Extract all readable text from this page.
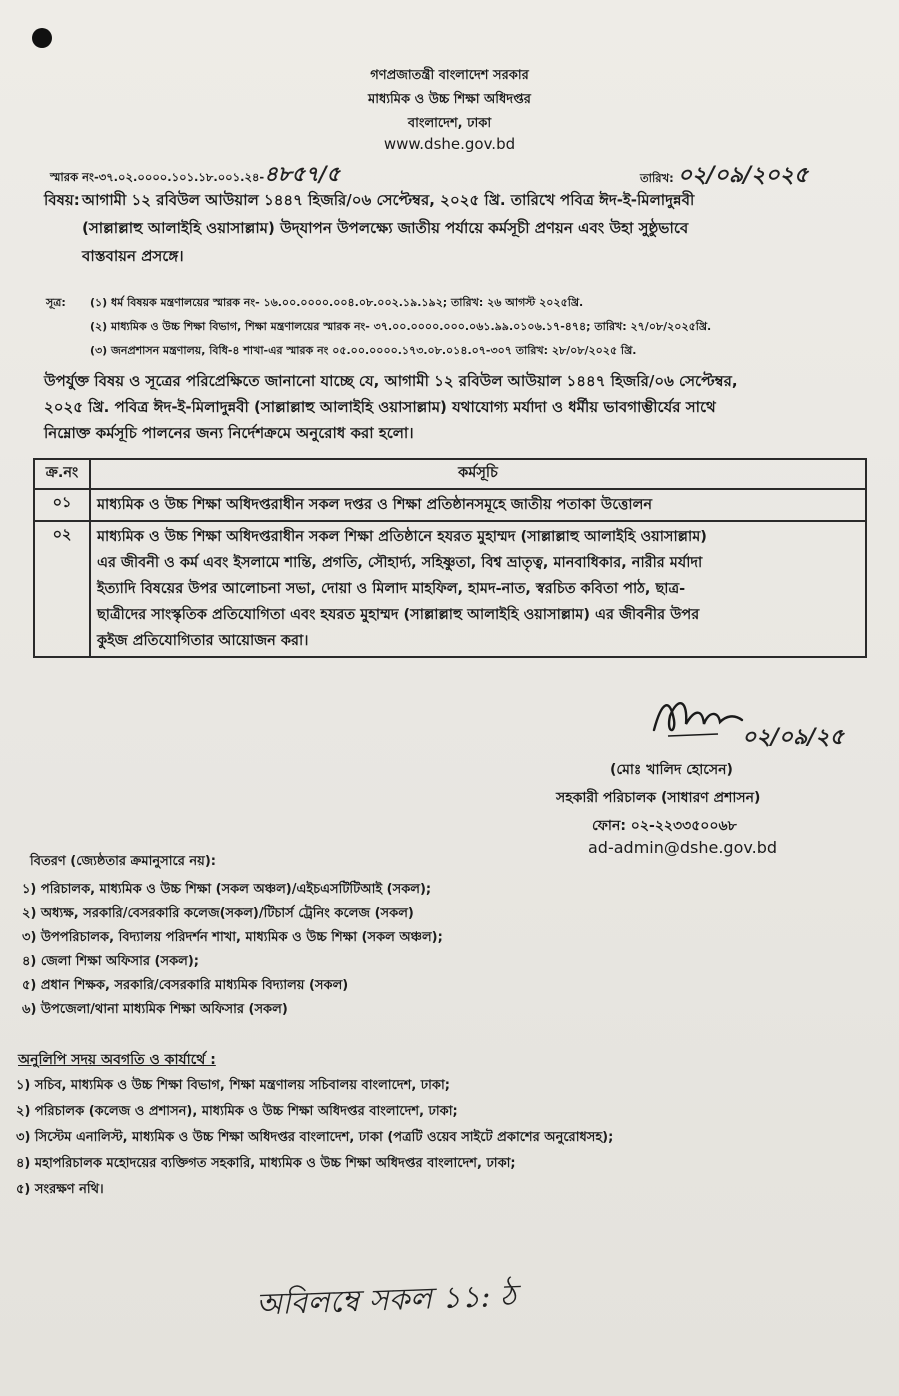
গণপ্রজাতন্ত্রী বাংলাদেশ সরকার
মাধ্যমিক ও উচ্চ শিক্ষা অধিদপ্তর
বাংলাদেশ, ঢাকা
www.dshe.gov.bd
স্মারক নং-৩৭.০২.০০০০.১০১.১৮.০০১.২৪-৪৮৫৭/৫	তারিখ: ০২/০৯/২০২৫
বিষয়: আগামী ১২ রবিউল আউয়াল ১৪৪৭ হিজরি/০৬ সেপ্টেম্বর, ২০২৫ খ্রি. তারিখে পবিত্র ঈদ-ই-মিলাদুন্নবী
(সাল্লাল্লাহু আলাইহি ওয়াসাল্লাম) উদ্‌যাপন উপলক্ষ্যে জাতীয় পর্যায়ে কর্মসূচী প্রণয়ন এবং উহা সুষ্ঠুভাবে
বাস্তবায়ন প্রসঙ্গে।
সূত্র: (১) ধর্ম বিষয়ক মন্ত্রণালয়ের স্মারক নং- ১৬.০০.০০০০.০০৪.০৮.০০২.১৯.১৯২; তারিখ: ২৬ আগস্ট ২০২৫খ্রি.
(২) মাধ্যমিক ও উচ্চ শিক্ষা বিভাগ, শিক্ষা মন্ত্রণালয়ের স্মারক নং- ৩৭.০০.০০০০.০০০.০৬১.৯৯.০১০৬.১৭-৪৭৪; তারিখ: ২৭/০৮/২০২৫খ্রি.
(৩) জনপ্রশাসন মন্ত্রণালয়, বিধি-৪ শাখা-এর স্মারক নং ০৫.০০.০০০০.১৭৩.০৮.০১৪.০৭-৩০৭ তারিখ: ২৮/০৮/২০২৫ খ্রি.
উপর্যুক্ত বিষয় ও সূত্রের পরিপ্রেক্ষিতে জানানো যাচ্ছে যে, আগামী ১২ রবিউল আউয়াল ১৪৪৭ হিজরি/০৬ সেপ্টেম্বর,
২০২৫ খ্রি. পবিত্র ঈদ-ই-মিলাদুন্নবী (সাল্লাল্লাহু আলাইহি ওয়াসাল্লাম) যথাযোগ্য মর্যাদা ও ধর্মীয় ভাবগাম্ভীর্যের সাথে
নিম্নোক্ত কর্মসূচি পালনের জন্য নির্দেশক্রমে অনুরোধ করা হলো।
ক্র.নং	কর্মসূচি
০১	মাধ্যমিক ও উচ্চ শিক্ষা অধিদপ্তরাধীন সকল দপ্তর ও শিক্ষা প্রতিষ্ঠানসমূহে জাতীয় পতাকা উত্তোলন

০২	মাধ্যমিক ও উচ্চ শিক্ষা অধিদপ্তরাধীন সকল শিক্ষা প্রতিষ্ঠানে হযরত মুহাম্মদ (সাল্লাল্লাহু আলাইহি ওয়াসাল্লাম)
এর জীবনী ও কর্ম এবং ইসলামে শান্তি, প্রগতি, সৌহার্দ্য, সহিষ্ণুতা, বিশ্ব ভ্রাতৃত্ব, মানবাধিকার, নারীর মর্যাদা
ইত্যাদি বিষয়ের উপর আলোচনা সভা, দোয়া ও মিলাদ মাহফিল, হামদ-নাত, স্বরচিত কবিতা পাঠ, ছাত্র-
ছাত্রীদের সাংস্কৃতিক প্রতিযোগিতা এবং হযরত মুহাম্মদ (সাল্লাল্লাহু আলাইহি ওয়াসাল্লাম) এর জীবনীর উপর
কুইজ প্রতিযোগিতার আয়োজন করা।
০২/০৯/২৫
(মোঃ খালিদ হোসেন)
সহকারী পরিচালক (সাধারণ প্রশাসন)
ফোন: ০২-২২৩৩৫০০৬৮
ad-admin@dshe.gov.bd
বিতরণ (জ্যেষ্ঠতার ক্রমানুসারে নয়):
১) পরিচালক, মাধ্যমিক ও উচ্চ শিক্ষা (সকল অঞ্চল)/এইচএসটিটিআই (সকল);
২) অধ্যক্ষ, সরকারি/বেসরকারি কলেজ(সকল)/টিচার্স ট্রেনিং কলেজ (সকল)
৩) উপপরিচালক, বিদ্যালয় পরিদর্শন শাখা, মাধ্যমিক ও উচ্চ শিক্ষা (সকল অঞ্চল);
৪) জেলা শিক্ষা অফিসার (সকল);
৫) প্রধান শিক্ষক, সরকারি/বেসরকারি মাধ্যমিক বিদ্যালয় (সকল)
৬) উপজেলা/থানা মাধ্যমিক শিক্ষা অফিসার (সকল)
অনুলিপি সদয় অবগতি ও কার্যার্থে :
১) সচিব, মাধ্যমিক ও উচ্চ শিক্ষা বিভাগ, শিক্ষা মন্ত্রণালয় সচিবালয় বাংলাদেশ, ঢাকা;
২) পরিচালক (কলেজ ও প্রশাসন), মাধ্যমিক ও উচ্চ শিক্ষা অধিদপ্তর বাংলাদেশ, ঢাকা;
৩) সিস্টেম এনালিস্ট, মাধ্যমিক ও উচ্চ শিক্ষা অধিদপ্তর বাংলাদেশ, ঢাকা (পত্রটি ওয়েব সাইটে প্রকাশের অনুরোধসহ);
৪) মহাপরিচালক মহোদয়ের ব্যক্তিগত সহকারি, মাধ্যমিক ও উচ্চ শিক্ষা অধিদপ্তর বাংলাদেশ, ঢাকা;
৫) সংরক্ষণ নথি।
অবিলম্বে সকল ১১: ঠ
